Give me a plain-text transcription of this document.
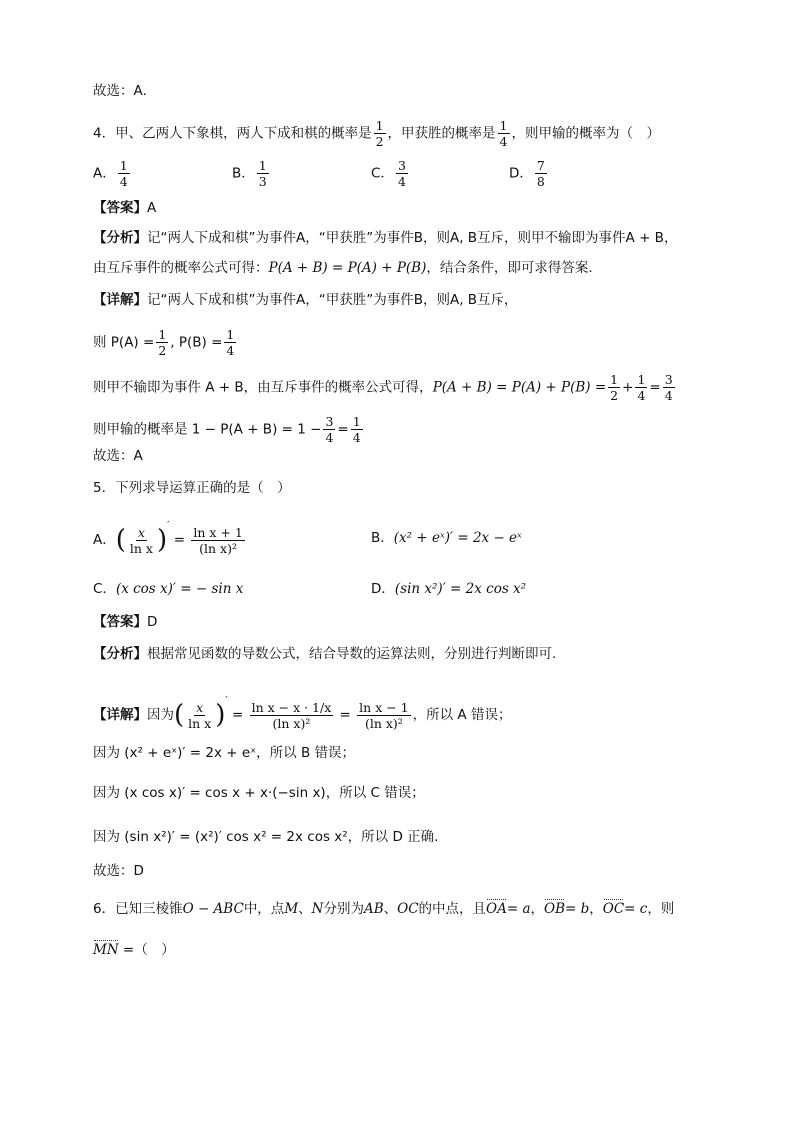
故选：A.
4．甲、乙两人下象棋，两人下成和棋的概率是 $\frac{1}{2}$ ，甲获胜的概率是 $\frac{1}{4}$ ，则甲输的概率为（　）
A． $\frac{1}{4}$	B． $\frac{1}{3}$	C． $\frac{3}{4}$	D． $\frac{7}{8}$
【答案】A
【分析】记“两人下成和棋”为事件A，“甲获胜”为事件B，则A, B互斥，则甲不输即为事件A + B，
由互斥事件的概率公式可得：P(A + B) = P(A) + P(B)，结合条件，即可求得答案.
【详解】记“两人下成和棋”为事件A，“甲获胜”为事件B，则A, B互斥，
则 $P(A) = \frac{1}{2}$ , $P(B) = \frac{1}{4}$
则甲不输即为事件 A + B，由互斥事件的概率公式可得，$P(A + B) = P(A) + P(B) = \frac{1}{2} + \frac{1}{4} = \frac{3}{4}$
则甲输的概率是 $1 - P(A + B) = 1 - \frac{3}{4} = \frac{1}{4}$
故选：A
5．下列求导运算正确的是（　）
A．( $\frac{x}{\text{ln x}} )' = \frac{\text{ln x + 1}}{\text{(ln x)²}}$	B．(x² + eˣ)′ = 2x − eˣ
C．(x cos x)′ = − sin x	D．(sin x²)′ = 2x cos x²
【答案】D
【分析】根据常见函数的导数公式，结合导数的运算法则，分别进行判断即可.
【详解】因为( $\frac{x}{\text{ln x}} )' = \frac{\text{ln x − x · 1/x}}{\text{(ln x)²}} = \frac{\text{ln x − 1}}{\text{(ln x)²}}$ ，所以 A 错误；
因为 (x² + eˣ)′ = 2x + eˣ，所以 B 错误；
因为 (x cos x)′ = cos x + x·(−sin x)，所以 C 错误；
因为 (sin x²)′ = (x²)′ cos x² = 2x cos x²，所以 D 正确.
故选：D
6．已知三棱锥O − ABC中，点M、N分别为AB、OC的中点，且OA= a，OB= b，OC= c，则
MN =（　）
